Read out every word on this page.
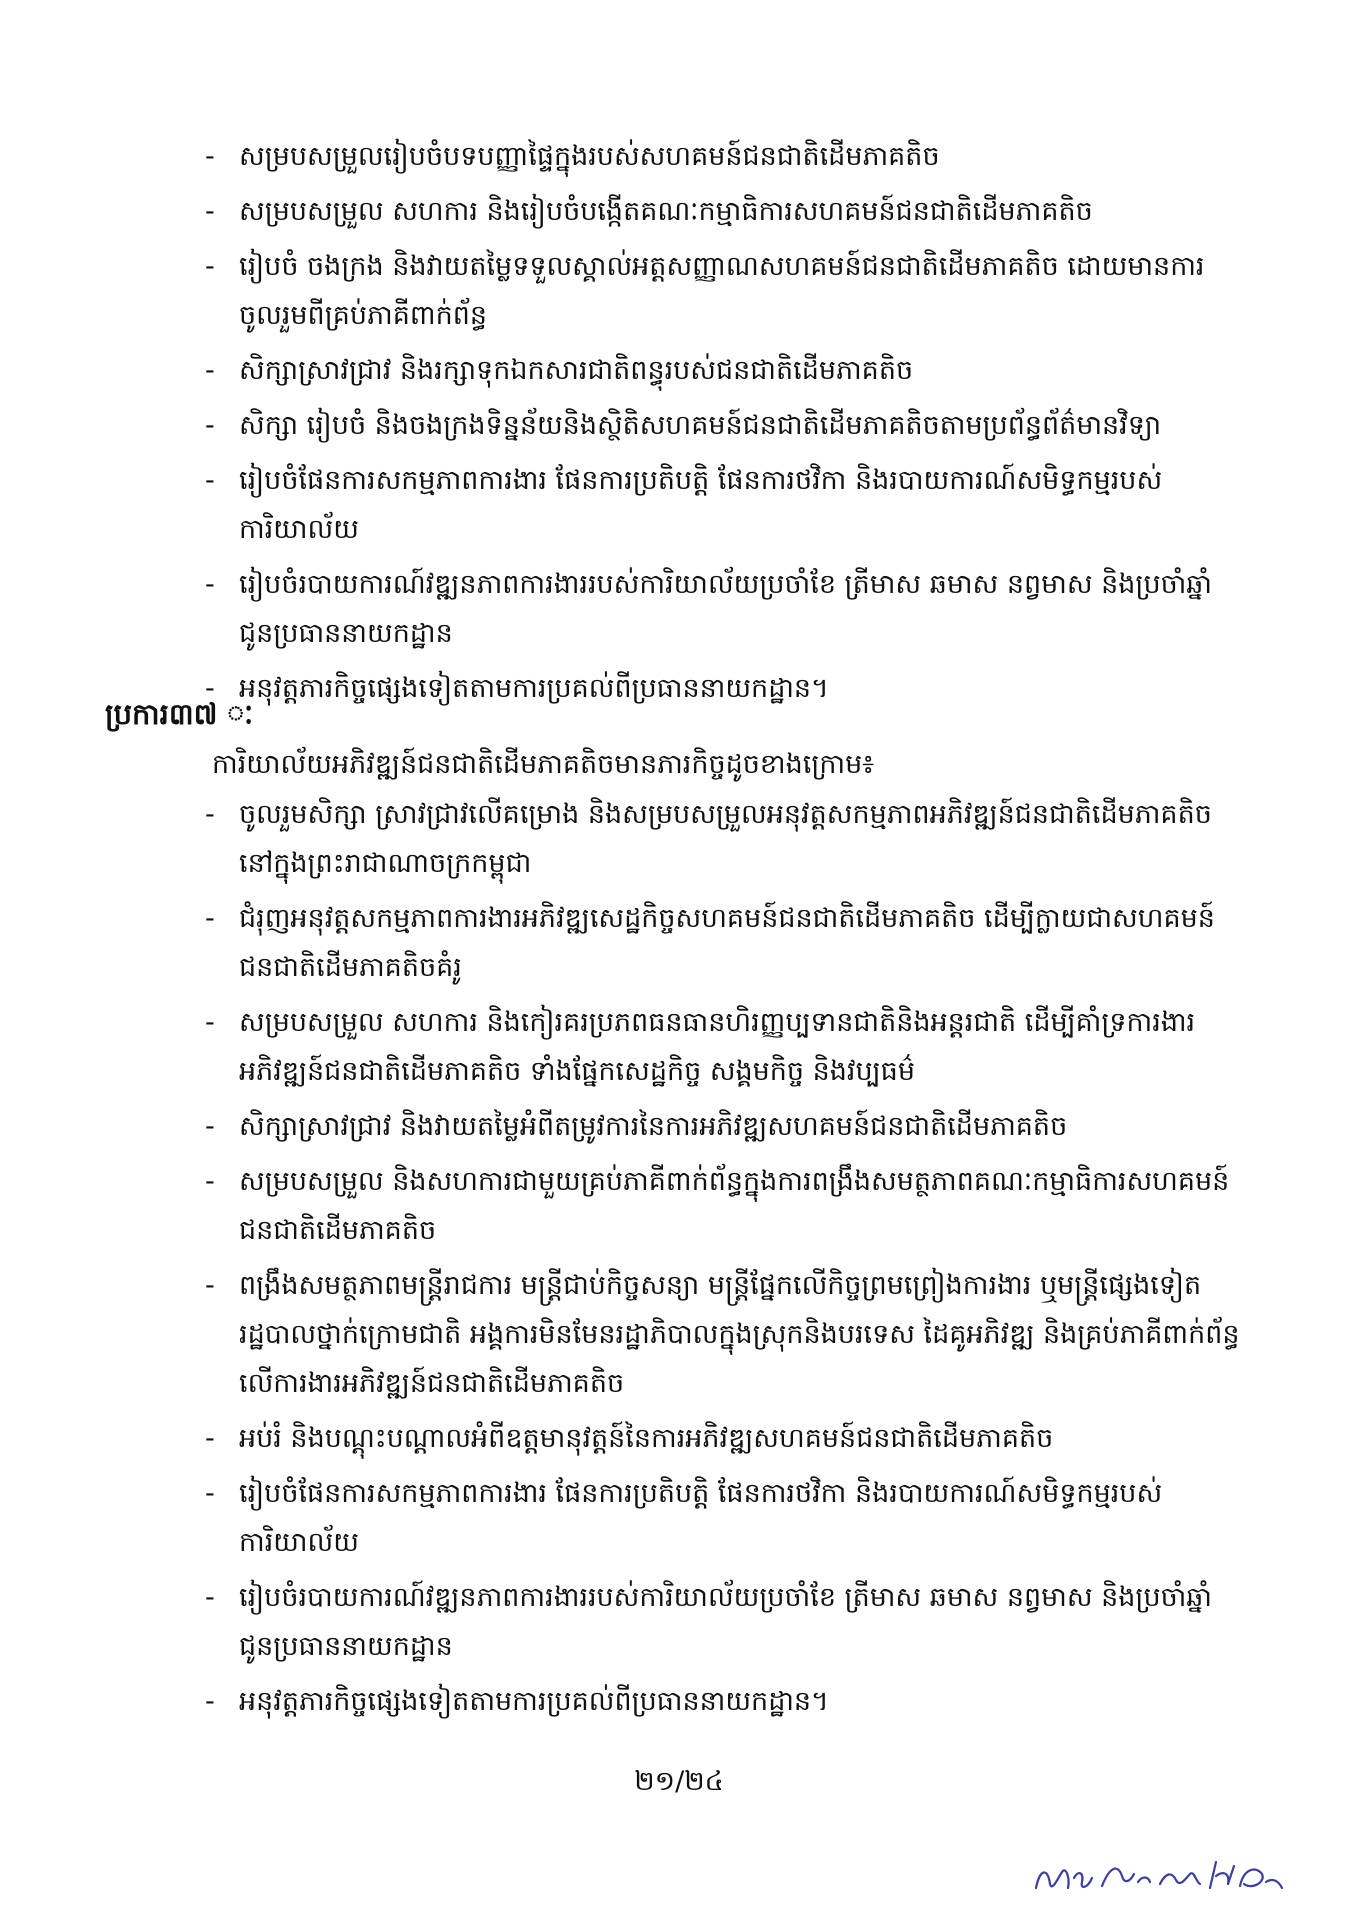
- សម្របសម្រួលរៀបចំបទបញ្ញាផ្ទៃក្នុងរបស់សហគមន៍ជនជាតិដើមភាគតិច
- សម្របសម្រួល សហការ និងរៀបចំបង្កើតគណៈកម្មាធិការសហគមន៍ជនជាតិដើមភាគតិច
- រៀបចំ ចងក្រង និងវាយតម្លៃទទួលស្គាល់អត្តសញ្ញាណសហគមន៍ជនជាតិដើមភាគតិច ដោយមានការចូលរួមពីគ្រប់ភាគីពាក់ព័ន្ធ
- សិក្សាស្រាវជ្រាវ និងរក្សាទុកឯកសារជាតិពន្ធុរបស់ជនជាតិដើមភាគតិច
- សិក្សា រៀបចំ និងចងក្រងទិន្នន័យនិងស្ថិតិសហគមន៍ជនជាតិដើមភាគតិចតាមប្រព័ន្ធព័ត៌មានវិទ្យា
- រៀបចំផែនការសកម្មភាពការងារ ផែនការប្រតិបត្តិ ផែនការថវិកា និងរបាយការណ៍សមិទ្ធកម្មរបស់ការិយាល័យ
- រៀបចំរបាយការណ៍វឌ្ឍនភាពការងាររបស់ការិយាល័យប្រចាំខែ ត្រីមាស ឆមាស នព្វមាស និងប្រចាំឆ្នាំ ជូនប្រធាននាយកដ្ឋាន
- អនុវត្តភារកិច្ចផ្សេងទៀតតាមការប្រគល់ពីប្រធាននាយកដ្ឋាន។
ប្រការ៣៧ ៈ
ការិយាល័យអភិវឌ្ឍន៍ជនជាតិដើមភាគតិចមានភារកិច្ចដូចខាងក្រោម៖
- ចូលរួមសិក្សា ស្រាវជ្រាវលើគម្រោង និងសម្របសម្រួលអនុវត្តសកម្មភាពអភិវឌ្ឍន៍ជនជាតិដើមភាគតិចនៅក្នុងព្រះរាជាណាចក្រកម្ពុជា
- ជំរុញអនុវត្តសកម្មភាពការងារអភិវឌ្ឍសេដ្ឋកិច្ចសហគមន៍ជនជាតិដើមភាគតិច ដើម្បីក្លាយជាសហគមន៍ជនជាតិដើមភាគតិចគំរូ
- សម្របសម្រួល សហការ និងកៀរគរប្រភពធនធានហិរញ្ញប្បទានជាតិនិងអន្តរជាតិ ដើម្បីគាំទ្រការងារអភិវឌ្ឍន៍ជនជាតិដើមភាគតិច ទាំងផ្នែកសេដ្ឋកិច្ច សង្គមកិច្ច និងវប្បធម៌
- សិក្សាស្រាវជ្រាវ និងវាយតម្លៃអំពីតម្រូវការនៃការអភិវឌ្ឍសហគមន៍ជនជាតិដើមភាគតិច
- សម្របសម្រួល និងសហការជាមួយគ្រប់ភាគីពាក់ព័ន្ធក្នុងការពង្រឹងសមត្ថភាពគណៈកម្មាធិការសហគមន៍ជនជាតិដើមភាគតិច
- ពង្រឹងសមត្ថភាពមន្ត្រីរាជការ មន្ត្រីជាប់កិច្ចសន្យា មន្ត្រីផ្នែកលើកិច្ចព្រមព្រៀងការងារ ឬមន្ត្រីផ្សេងទៀត រដ្ឋបាលថ្នាក់ក្រោមជាតិ អង្គការមិនមែនរដ្ឋាភិបាលក្នុងស្រុកនិងបរទេស ដៃគូអភិវឌ្ឍ និងគ្រប់ភាគីពាក់ព័ន្ធលើការងារអភិវឌ្ឍន៍ជនជាតិដើមភាគតិច
- អប់រំ និងបណ្តុះបណ្តាលអំពីឧត្តមានុវត្តន៍នៃការអភិវឌ្ឍសហគមន៍ជនជាតិដើមភាគតិច
- រៀបចំផែនការសកម្មភាពការងារ ផែនការប្រតិបត្តិ ផែនការថវិកា និងរបាយការណ៍សមិទ្ធកម្មរបស់ការិយាល័យ
- រៀបចំរបាយការណ៍វឌ្ឍនភាពការងាររបស់ការិយាល័យប្រចាំខែ ត្រីមាស ឆមាស នព្វមាស និងប្រចាំឆ្នាំ ជូនប្រធាននាយកដ្ឋាន
- អនុវត្តភារកិច្ចផ្សេងទៀតតាមការប្រគល់ពីប្រធាននាយកដ្ឋាន។
២១/២៤
